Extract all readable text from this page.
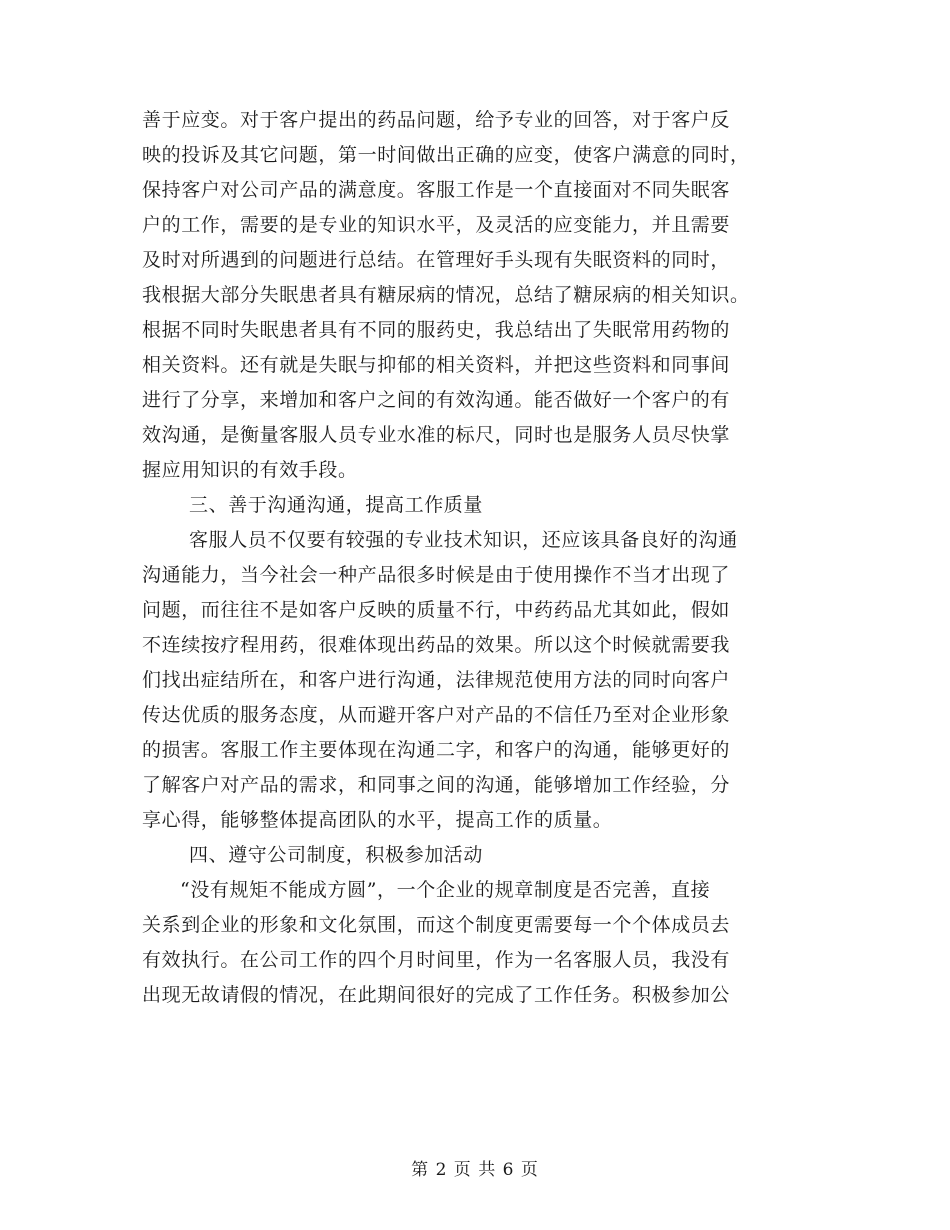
善于应变。对于客户提出的药品问题，给予专业的回答，对于客户反
映的投诉及其它问题，第一时间做出正确的应变，使客户满意的同时，
保持客户对公司产品的满意度。客服工作是一个直接面对不同失眠客
户的工作，需要的是专业的知识水平，及灵活的应变能力，并且需要
及时对所遇到的问题进行总结。在管理好手头现有失眠资料的同时，
我根据大部分失眠患者具有糖尿病的情况，总结了糖尿病的相关知识。
根据不同时失眠患者具有不同的服药史，我总结出了失眠常用药物的
相关资料。还有就是失眠与抑郁的相关资料，并把这些资料和同事间
进行了分享，来增加和客户之间的有效沟通。能否做好一个客户的有
效沟通，是衡量客服人员专业水准的标尺，同时也是服务人员尽快掌
握应用知识的有效手段。
三、善于沟通沟通，提高工作质量
客服人员不仅要有较强的专业技术知识，还应该具备良好的沟通
沟通能力，当今社会一种产品很多时候是由于使用操作不当才出现了
问题，而往往不是如客户反映的质量不行，中药药品尤其如此，假如
不连续按疗程用药，很难体现出药品的效果。所以这个时候就需要我
们找出症结所在，和客户进行沟通，法律规范使用方法的同时向客户
传达优质的服务态度，从而避开客户对产品的不信任乃至对企业形象
的损害。客服工作主要体现在沟通二字，和客户的沟通，能够更好的
了解客户对产品的需求，和同事之间的沟通，能够增加工作经验，分
享心得，能够整体提高团队的水平，提高工作的质量。
四、遵守公司制度，积极参加活动
“没有规矩不能成方圆”，一个企业的规章制度是否完善，直接
关系到企业的形象和文化氛围，而这个制度更需要每一个个体成员去
有效执行。在公司工作的四个月时间里，作为一名客服人员，我没有
出现无故请假的情况，在此期间很好的完成了工作任务。积极参加公
第 2 页 共 6 页
